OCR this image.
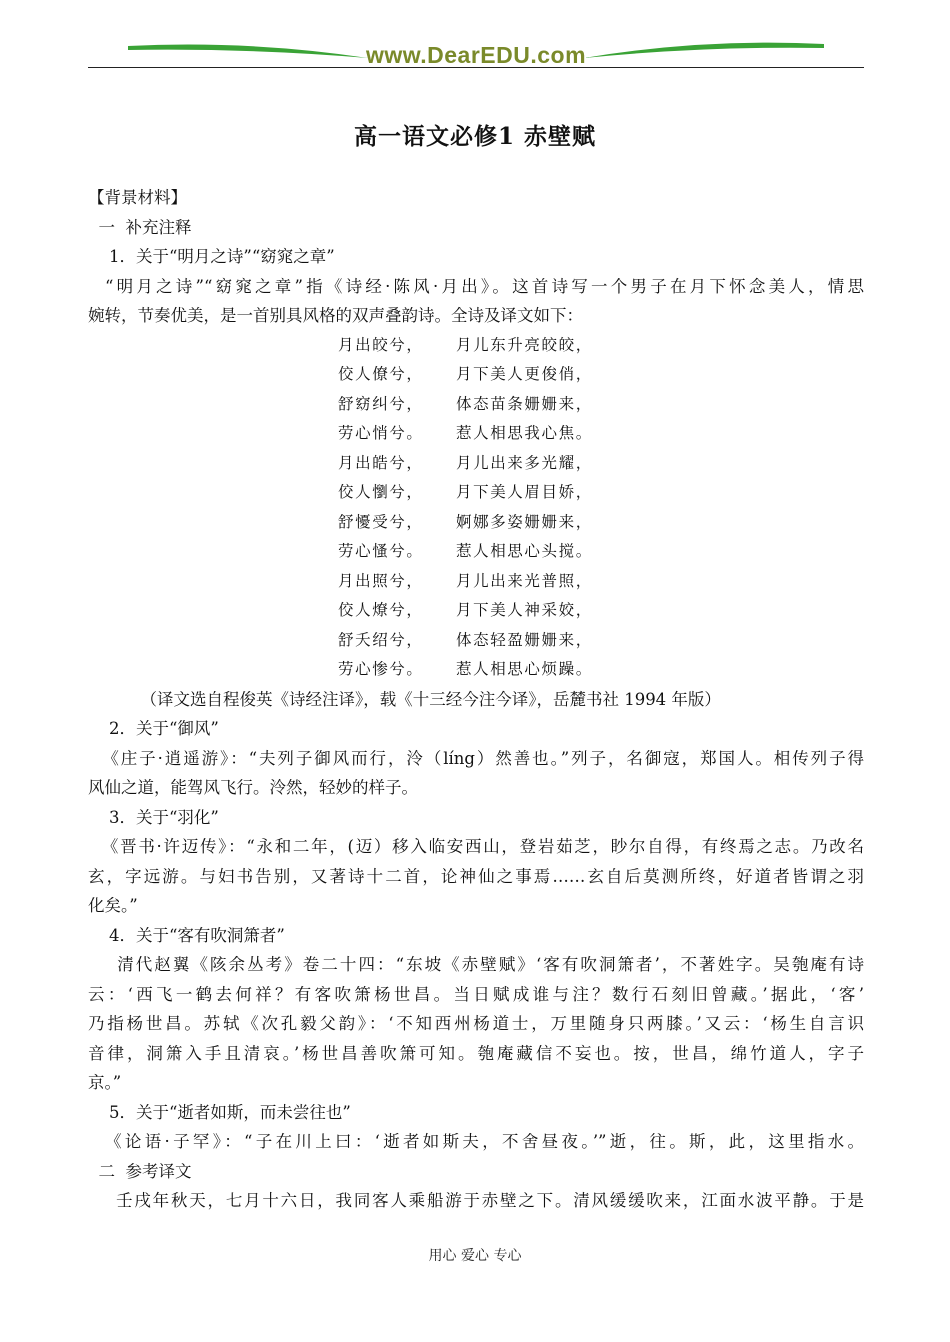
www.DearEDU.com
高一语文必修1 赤壁赋
【背景材料】
一  补充注释
1．关于“明月之诗”“窈窕之章”
“明月之诗”“窈窕之章”指《诗经·陈风·月出》。这首诗写一个男子在月下怀念美人，情思
婉转，节奏优美，是一首别具风格的双声叠韵诗。全诗及译文如下：
月出皎兮， 月儿东升亮皎皎，
佼人僚兮， 月下美人更俊俏，
舒窈纠兮， 体态苗条姗姗来，
劳心悄兮。 惹人相思我心焦。
月出皓兮， 月儿出来多光耀，
佼人懰兮， 月下美人眉目娇，
舒懮受兮， 婀娜多姿姗姗来，
劳心慅兮。 惹人相思心头搅。
月出照兮， 月儿出来光普照，
佼人燎兮， 月下美人神采姣，
舒夭绍兮， 体态轻盈姗姗来，
劳心惨兮。 惹人相思心烦躁。
（译文选自程俊英《诗经注译》，载《十三经今注今译》，岳麓书社 1994 年版）
2．关于“御风”
《庄子·逍遥游》：“夫列子御风而行，泠（líng）然善也。”列子，名御寇，郑国人。相传列子得
风仙之道，能驾风飞行。泠然，轻妙的样子。
3．关于“羽化”
《晋书·许迈传》：“永和二年，(迈）移入临安西山，登岩茹芝，眇尔自得，有终焉之志。乃改名
玄，字远游。与妇书告别，又著诗十二首，论神仙之事焉……玄自后莫测所终，好道者皆谓之羽
化矣。”
4．关于“客有吹洞箫者”
清代赵翼《陔余丛考》卷二十四：“东坡《赤壁赋》‘客有吹洞箫者’，不著姓字。吴匏庵有诗
云：‘西飞一鹤去何祥？有客吹箫杨世昌。当日赋成谁与注？数行石刻旧曾藏。’据此，‘客’
乃指杨世昌。苏轼《次孔毅父韵》：‘不知西州杨道士，万里随身只两膝。’又云：‘杨生自言识
音律，洞箫入手且清哀。’杨世昌善吹箫可知。匏庵藏信不妄也。按，世昌，绵竹道人，字子
京。”
5．关于“逝者如斯，而未尝往也”
《论语·子罕》：“子在川上曰：‘逝者如斯夫，不舍昼夜。’”逝，往。斯，此，这里指水。
二  参考译文
壬戌年秋天，七月十六日，我同客人乘船游于赤壁之下。清风缓缓吹来，江面水波平静。于是
用心 爱心 专心
